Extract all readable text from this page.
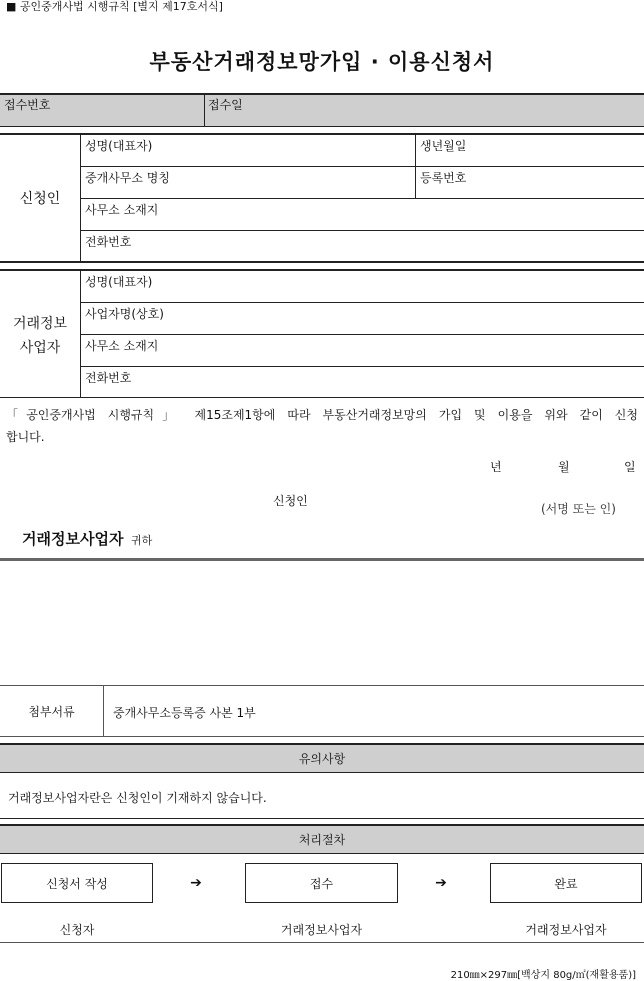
■ 공인중개사법 시행규칙 [별지 제17호서식]
부동산거래정보망가입 · 이용신청서
접수번호	접수일
신청인
성명(대표자)	생년월일
중개사무소 명칭	등록번호
사무소 소재지
전화번호
거래정보
사업자
성명(대표자)
사업자명(상호)
사무소 소재지
전화번호
「공인중개사법 시행규칙」 제15조제1항에 따라 부동산거래정보망의 가입 및 이용을 위와 같이 신청
합니다.
년	월	일
신청인
(서명 또는 인)
거래정보사업자 귀하
첨부서류	중개사무소등록증 사본 1부
유의사항
거래정보사업자란은 신청인이 기재하지 않습니다.
처리절차
신청서 작성	➔	접수	➔	완료
신청자	거래정보사업자	거래정보사업자
210㎜×297㎜[백상지 80g/㎡(재활용품)]
